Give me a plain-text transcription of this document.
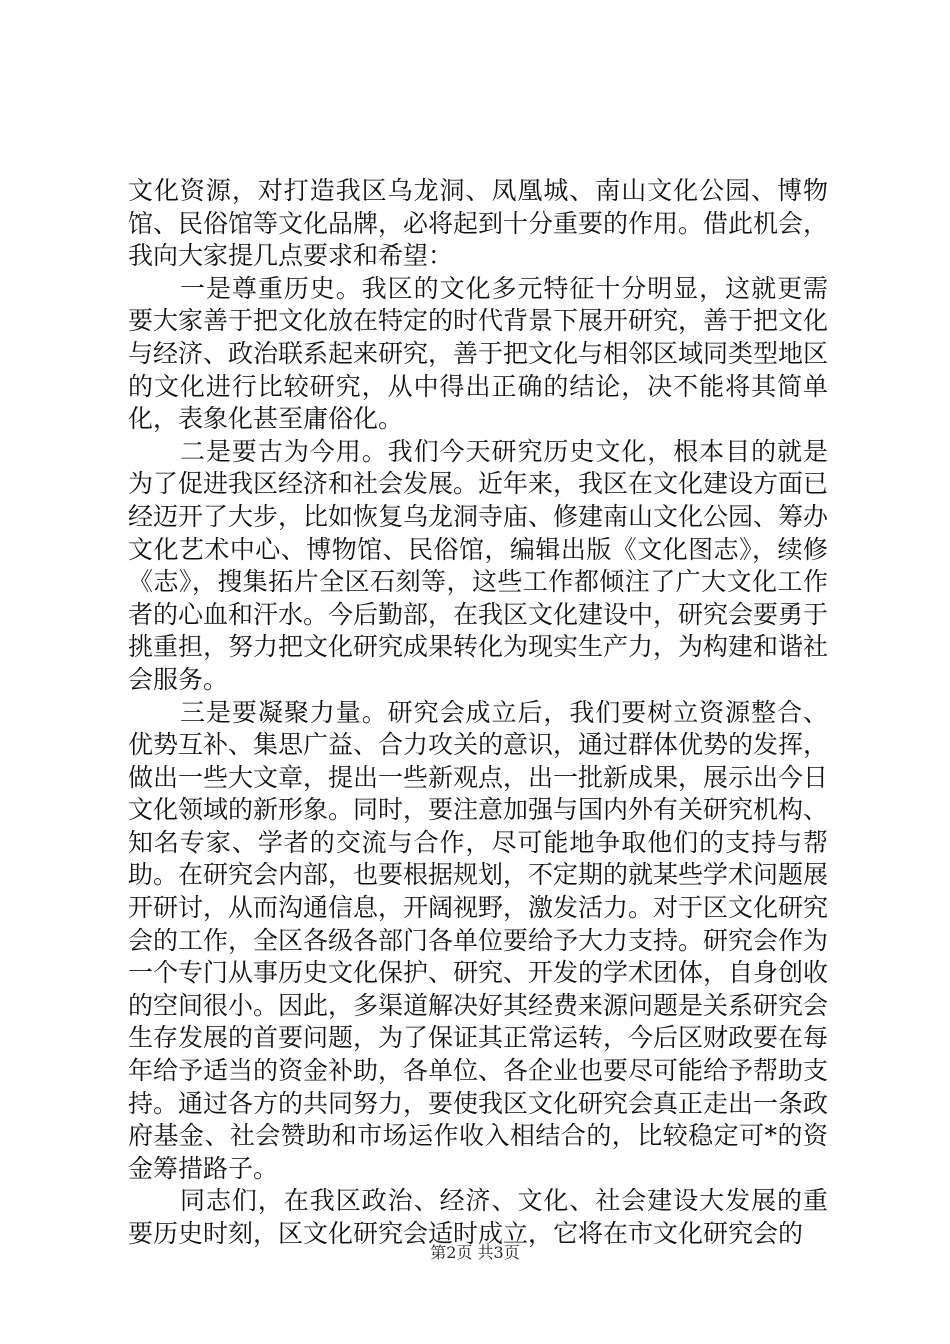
文化资源，对打造我区乌龙洞、凤凰城、南山文化公园、博物馆、民俗馆等文化品牌，必将起到十分重要的作用。借此机会，我向大家提几点要求和希望：

一是尊重历史。我区的文化多元特征十分明显，这就更需要大家善于把文化放在特定的时代背景下展开研究，善于把文化与经济、政治联系起来研究，善于把文化与相邻区域同类型地区的文化进行比较研究，从中得出正确的结论，决不能将其简单化，表象化甚至庸俗化。

二是要古为今用。我们今天研究历史文化，根本目的就是为了促进我区经济和社会发展。近年来，我区在文化建设方面已经迈开了大步，比如恢复乌龙洞寺庙、修建南山文化公园、筹办文化艺术中心、博物馆、民俗馆，编辑出版《文化图志》，续修《志》，搜集拓片全区石刻等，这些工作都倾注了广大文化工作者的心血和汗水。今后勤部，在我区文化建设中，研究会要勇于挑重担，努力把文化研究成果转化为现实生产力，为构建和谐社会服务。

三是要凝聚力量。研究会成立后，我们要树立资源整合、优势互补、集思广益、合力攻关的意识，通过群体优势的发挥，做出一些大文章，提出一些新观点，出一批新成果，展示出今日文化领域的新形象。同时，要注意加强与国内外有关研究机构、知名专家、学者的交流与合作，尽可能地争取他们的支持与帮助。在研究会内部，也要根据规划，不定期的就某些学术问题展开研讨，从而沟通信息，开阔视野，激发活力。对于区文化研究会的工作，全区各级各部门各单位要给予大力支持。研究会作为一个专门从事历史文化保护、研究、开发的学术团体，自身创收的空间很小。因此，多渠道解决好其经费来源问题是关系研究会生存发展的首要问题，为了保证其正常运转，今后区财政要在每年给予适当的资金补助，各单位、各企业也要尽可能给予帮助支持。通过各方的共同努力，要使我区文化研究会真正走出一条政府基金、社会赞助和市场运作收入相结合的，比较稳定可*的资金筹措路子。

同志们，在我区政治、经济、文化、社会建设大发展的重要历史时刻，区文化研究会适时成立，它将在市文化研究会的

第2页 共3页
